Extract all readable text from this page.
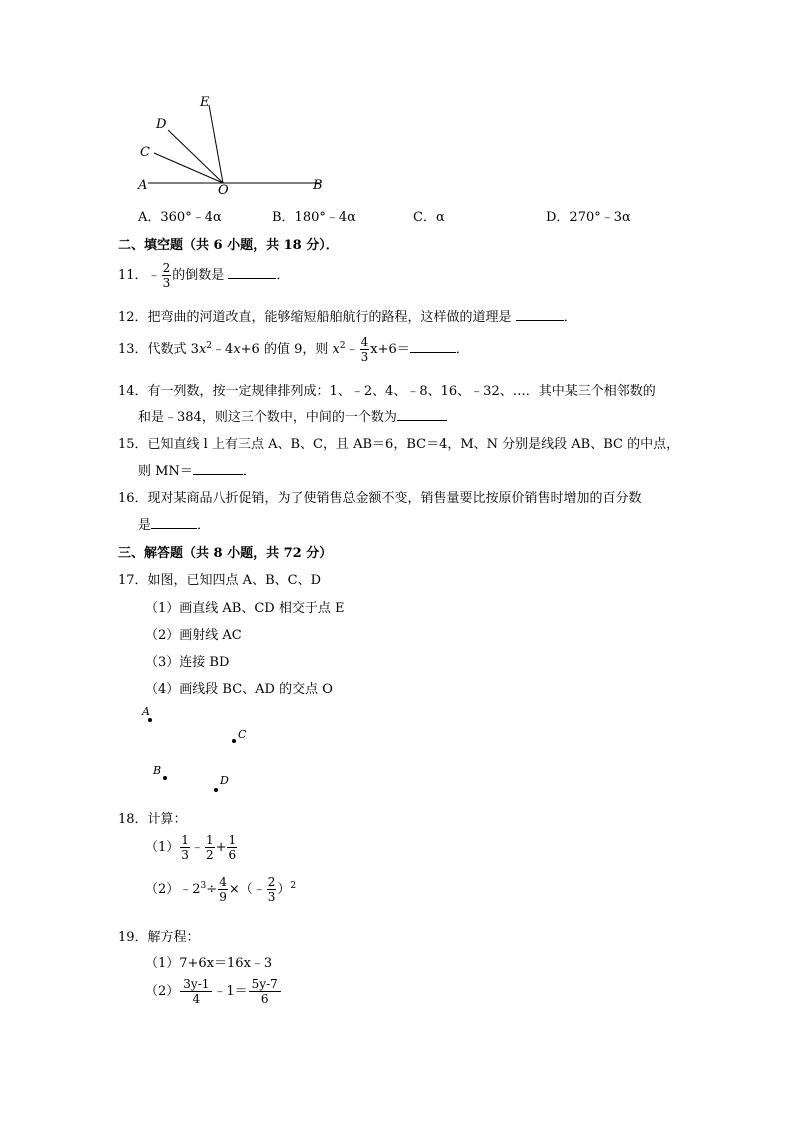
E
D
C
A	O	B
A．360°﹣4α	B．180°﹣4α	C．α	D．270°﹣3α
二、填空题（共 6 小题，共 18 分）．
11．﹣ $\frac{2}{3}$ 的倒数是	．
12．把弯曲的河道改直，能够缩短船舶航行的路程，这样做的道理是	．
13．代数式 $3x^2﹣4x+6$ 的值 9，则 $x^2﹣ \frac{4}{3} x+6=$	．
14．有一列数，按一定规律排列成：1、﹣2、4、﹣8、16、﹣32、…．其中某三个相邻数的
和是﹣384，则这三个数中，中间的一个数为
15．已知直线 l 上有三点 A、B、C，且 AB＝6，BC＝4，M、N 分别是线段 AB、BC 的中点，
则 MN＝	．
16．现对某商品八折促销，为了使销售总金额不变，销售量要比按原价销售时增加的百分数
是	．
三、解答题（共 8 小题，共 72 分）
17．如图，已知四点 A、B、C、D
（1）画直线 AB、CD 相交于点 E
（2）画射线 AC
（3）连接 BD
（4）画线段 BC、AD 的交点 O
A
C
B
D
18．计算：
$(1) \frac{1}{3}$ ﹣ $\frac{1}{2} + \frac{1}{6}$
$(2)﹣2^3\div \frac{4}{9}$ ×（﹣ $\frac{2}{3} )^2$
19．解方程：
（1）7+6x＝16x﹣3
$(2) \frac{3y-1}{4}$ ﹣1＝ $\frac{5y-7}{6}$
